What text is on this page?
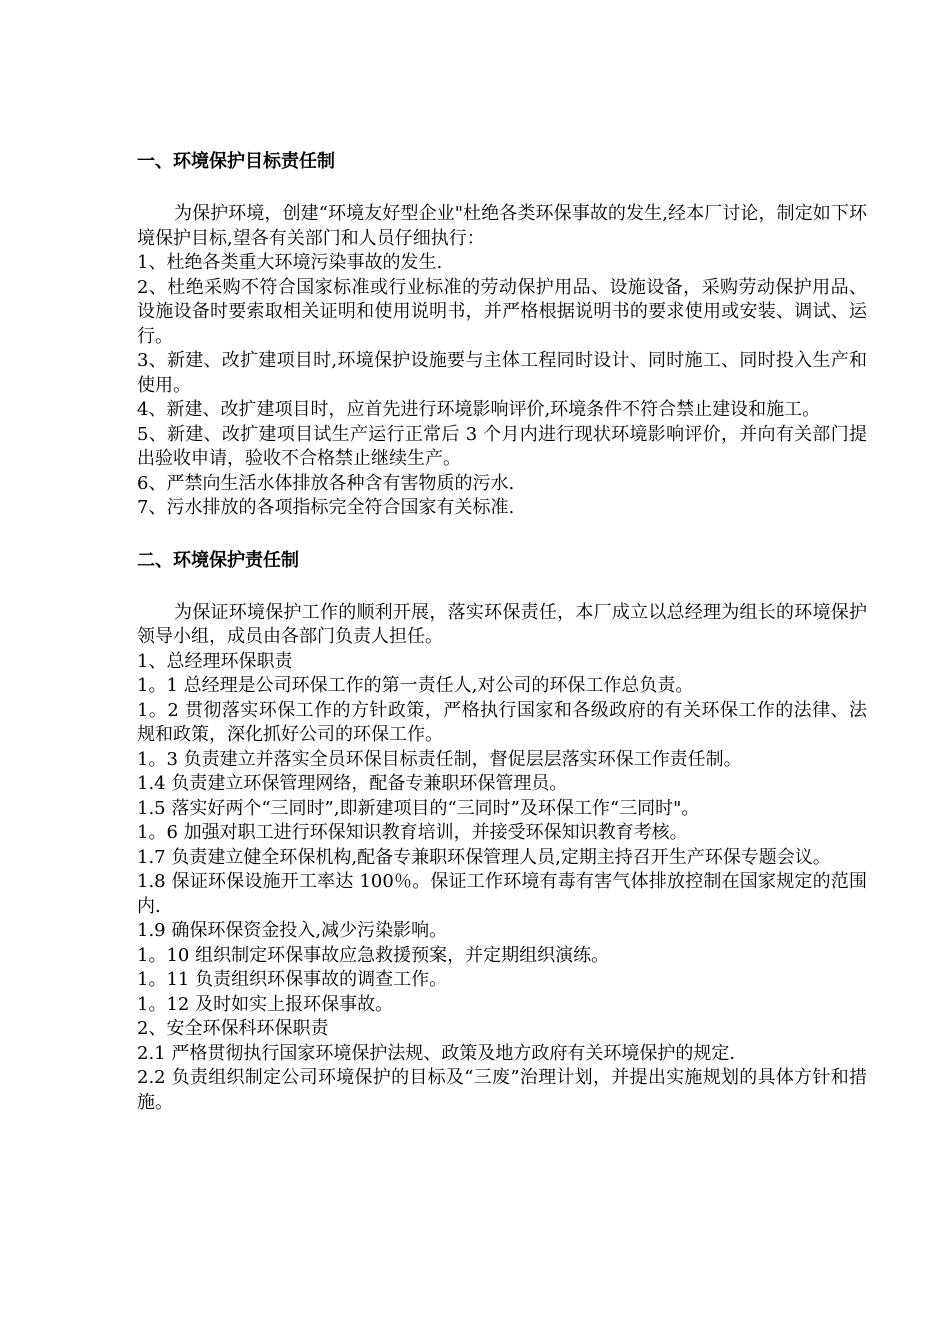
一、环境保护目标责任制

为保护环境，创建“环境友好型企业"杜绝各类环保事故的发生,经本厂讨论，制定如下环境保护目标,望各有关部门和人员仔细执行：

1、杜绝各类重大环境污染事故的发生.

2、杜绝采购不符合国家标准或行业标准的劳动保护用品、设施设备，采购劳动保护用品、设施设备时要索取相关证明和使用说明书，并严格根据说明书的要求使用或安装、调试、运行。

3、新建、改扩建项目时,环境保护设施要与主体工程同时设计、同时施工、同时投入生产和使用。

4、新建、改扩建项目时，应首先进行环境影响评价,环境条件不符合禁止建设和施工。

5、新建、改扩建项目试生产运行正常后 3 个月内进行现状环境影响评价，并向有关部门提出验收申请，验收不合格禁止继续生产。

6、严禁向生活水体排放各种含有害物质的污水.

7、污水排放的各项指标完全符合国家有关标准.

二、环境保护责任制

为保证环境保护工作的顺利开展，落实环保责任，本厂成立以总经理为组长的环境保护领导小组，成员由各部门负责人担任。

1、总经理环保职责

1。1 总经理是公司环保工作的第一责任人,对公司的环保工作总负责。

1。2 贯彻落实环保工作的方针政策，严格执行国家和各级政府的有关环保工作的法律、法规和政策，深化抓好公司的环保工作。

1。3 负责建立并落实全员环保目标责任制，督促层层落实环保工作责任制。

1.4 负责建立环保管理网络，配备专兼职环保管理员。

1.5 落实好两个“三同时”,即新建项目的“三同时”及环保工作“三同时"。

1。6 加强对职工进行环保知识教育培训，并接受环保知识教育考核。

1.7 负责建立健全环保机构,配备专兼职环保管理人员,定期主持召开生产环保专题会议。

1.8 保证环保设施开工率达 100％。保证工作环境有毒有害气体排放控制在国家规定的范围内.

1.9 确保环保资金投入,减少污染影响。

1。10 组织制定环保事故应急救援预案，并定期组织演练。

1。11 负责组织环保事故的调查工作。

1。12 及时如实上报环保事故。

2、安全环保科环保职责

2.1 严格贯彻执行国家环境保护法规、政策及地方政府有关环境保护的规定.

2.2 负责组织制定公司环境保护的目标及“三废”治理计划，并提出实施规划的具体方针和措施。
